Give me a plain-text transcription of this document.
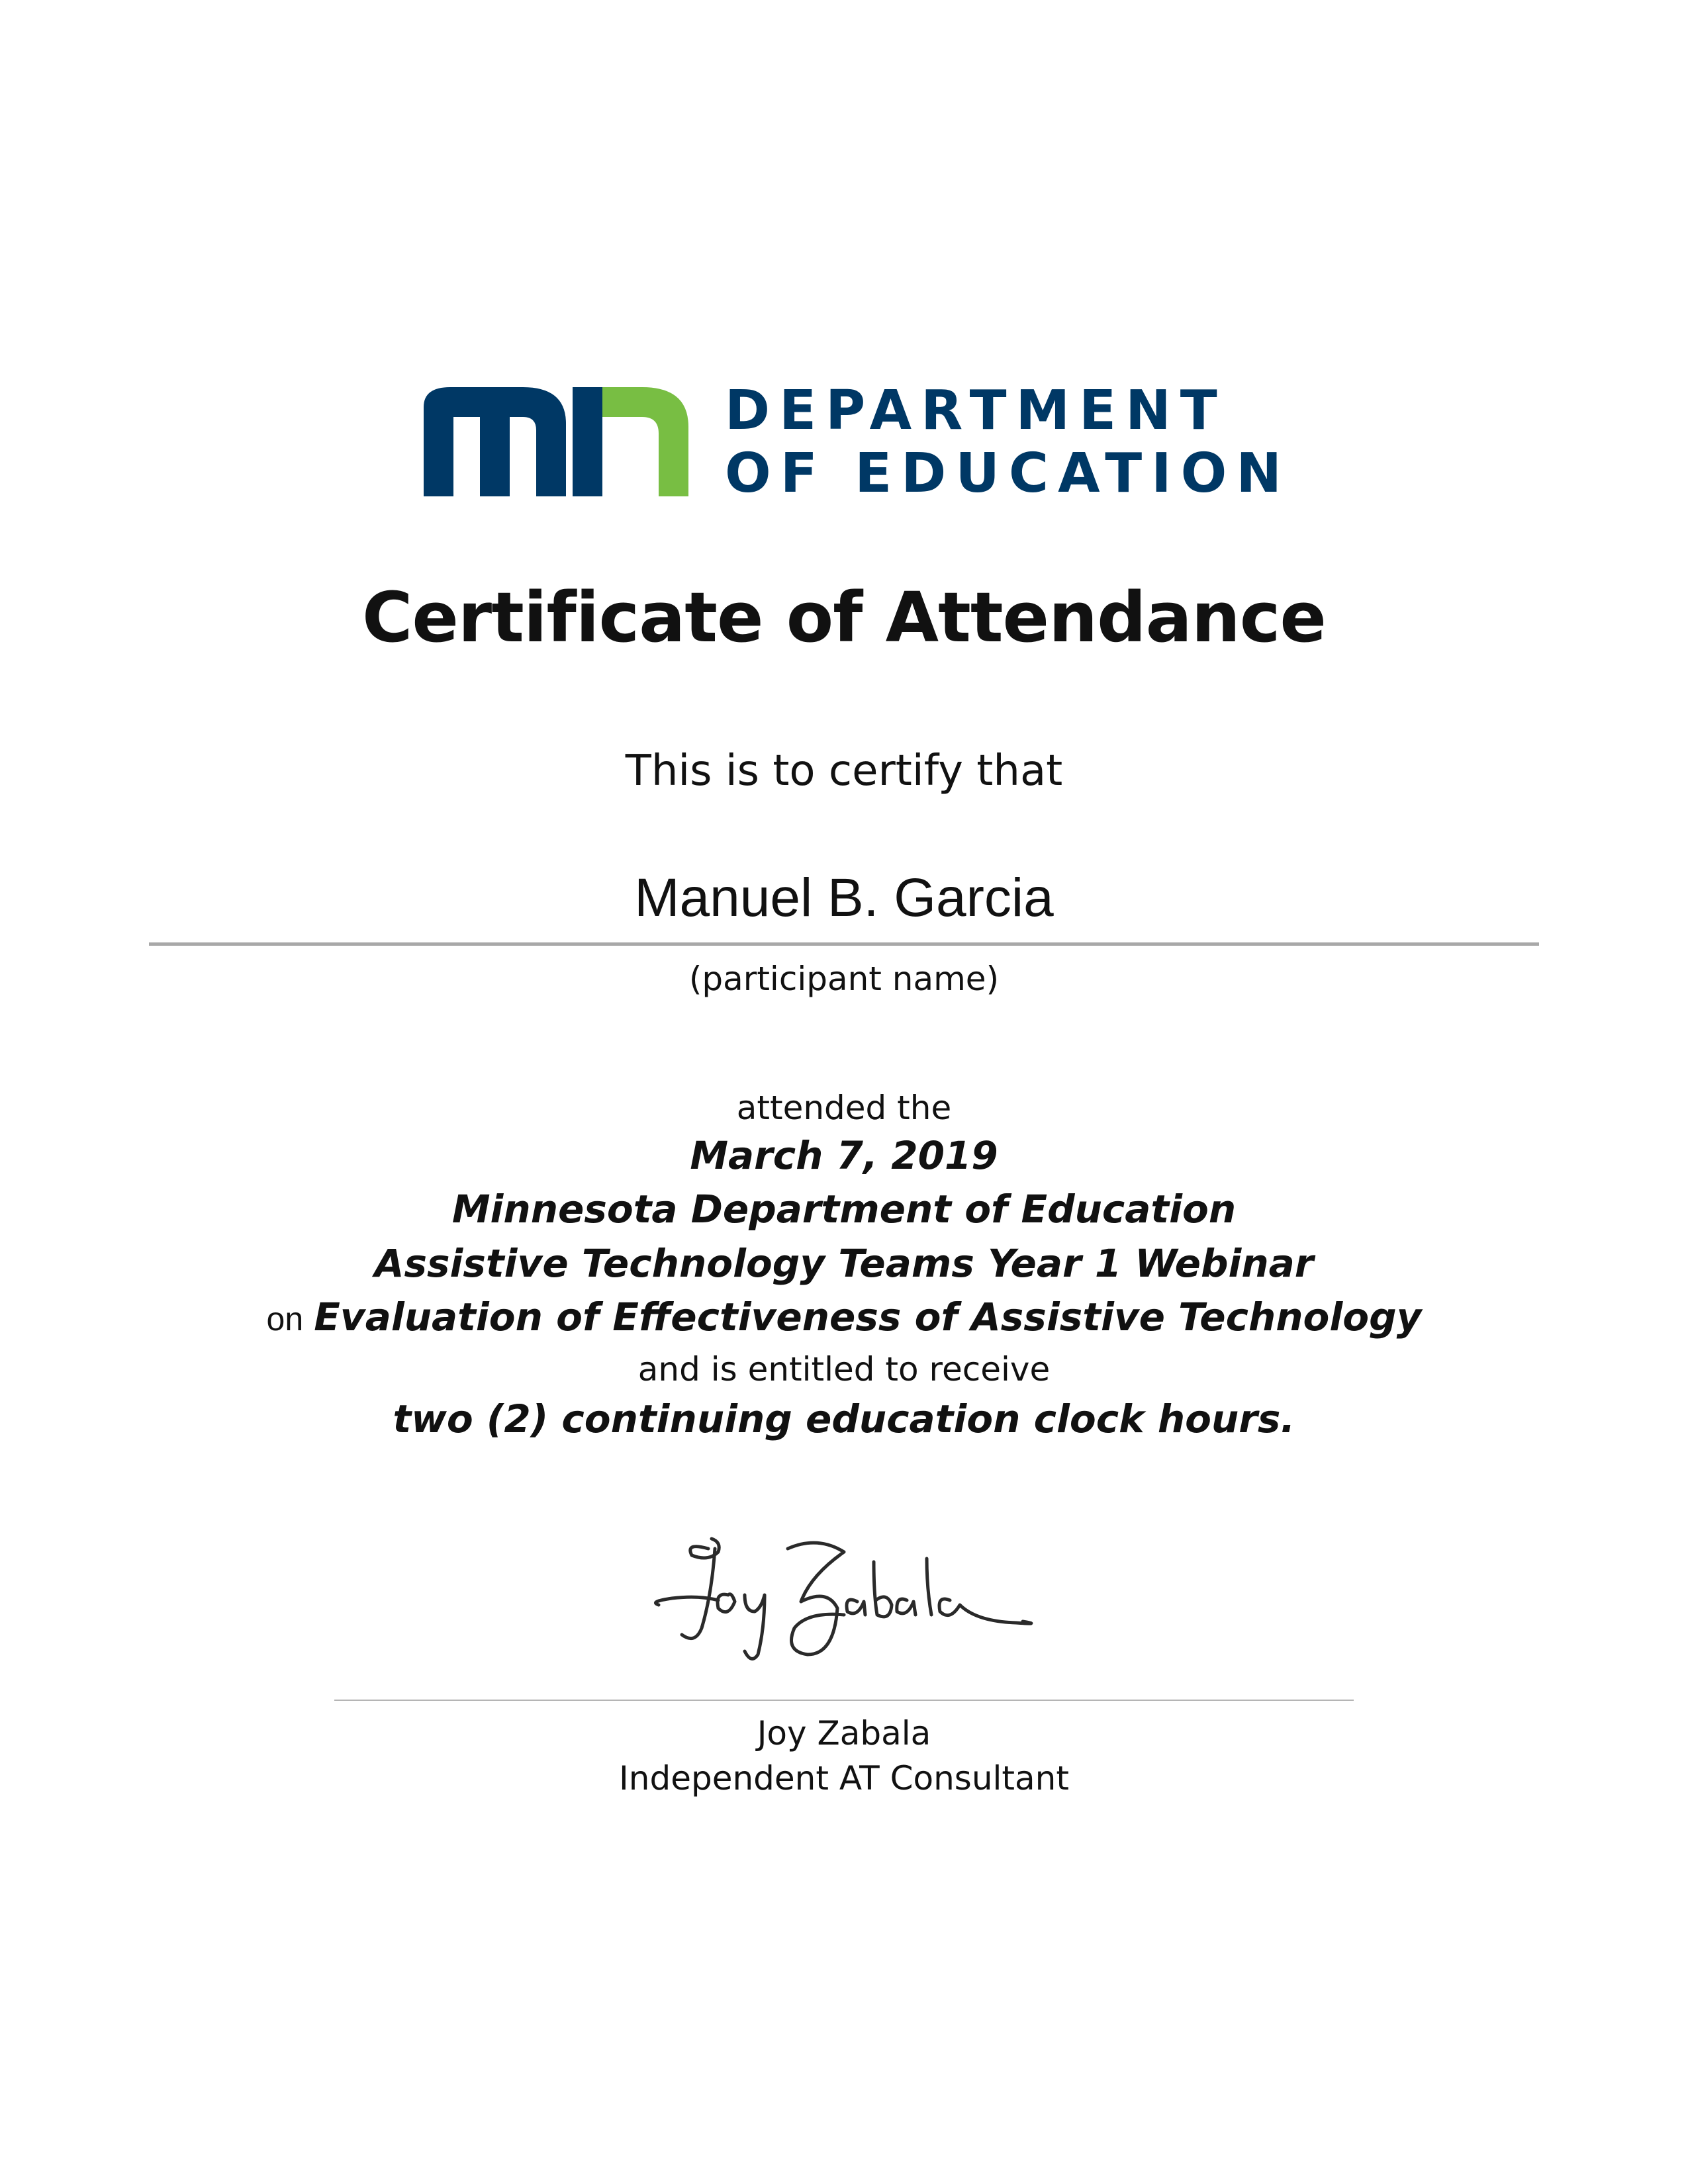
DEPARTMENT
OF EDUCATION
Certificate of Attendance
This is to certify that
Manuel B. Garcia
(participant name)
attended the
March 7, 2019
Minnesota Department of Education
Assistive Technology Teams Year 1 Webinar
on Evaluation of Effectiveness of Assistive Technology
and is entitled to receive
two (2) continuing education clock hours.
Joy Zabala
Independent AT Consultant
